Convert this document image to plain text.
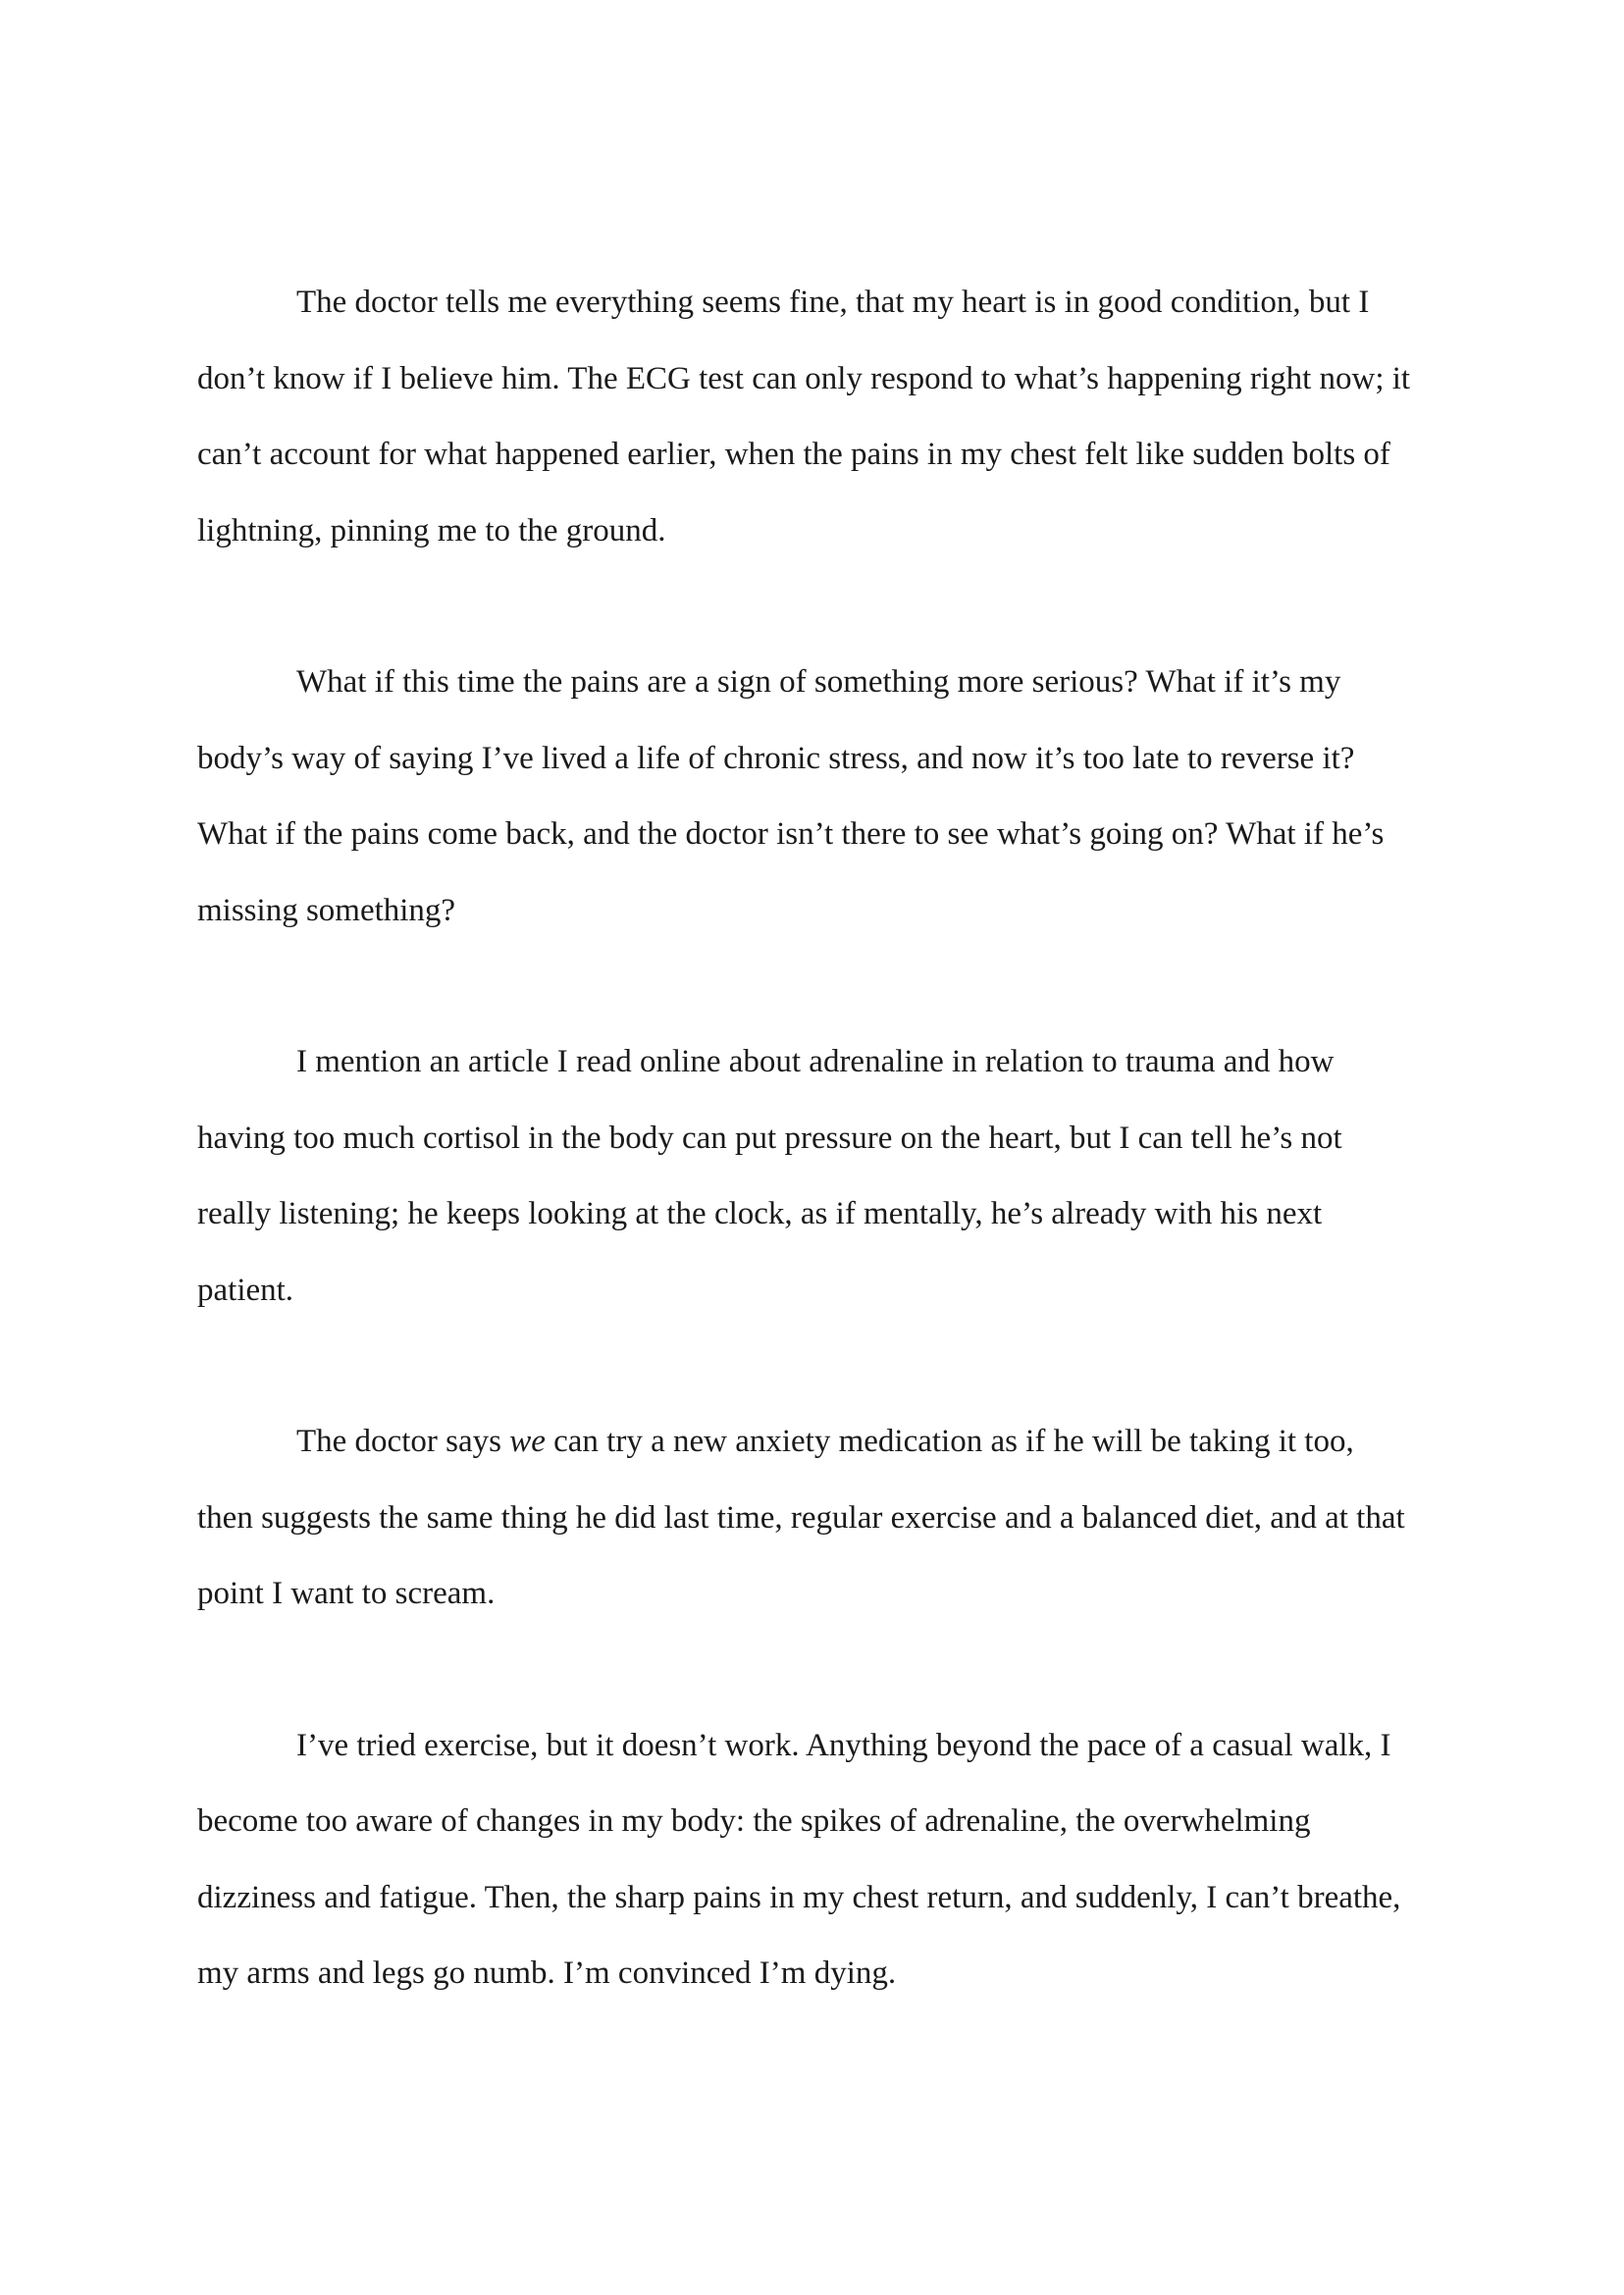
The doctor tells me everything seems fine, that my heart is in good condition, but Idon’t know if I believe him. The ECG test can only respond to what’s happening right now; itcan’t account for what happened earlier, when the pains in my chest felt like sudden bolts oflightning, pinning me to the ground.

What if this time the pains are a sign of something more serious? What if it’s mybody’s way of saying I’ve lived a life of chronic stress, and now it’s too late to reverse it?What if the pains come back, and the doctor isn’t there to see what’s going on? What if he’smissing something?

I mention an article I read online about adrenaline in relation to trauma and howhaving too much cortisol in the body can put pressure on the heart, but I can tell he’s notreally listening; he keeps looking at the clock, as if mentally, he’s already with his nextpatient.

The doctor says we can try a new anxiety medication as if he will be taking it too,then suggests the same thing he did last time, regular exercise and a balanced diet, and at thatpoint I want to scream.

I’ve tried exercise, but it doesn’t work. Anything beyond the pace of a casual walk, Ibecome too aware of changes in my body: the spikes of adrenaline, the overwhelmingdizziness and fatigue. Then, the sharp pains in my chest return, and suddenly, I can’t breathe,my arms and legs go numb. I’m convinced I’m dying.
